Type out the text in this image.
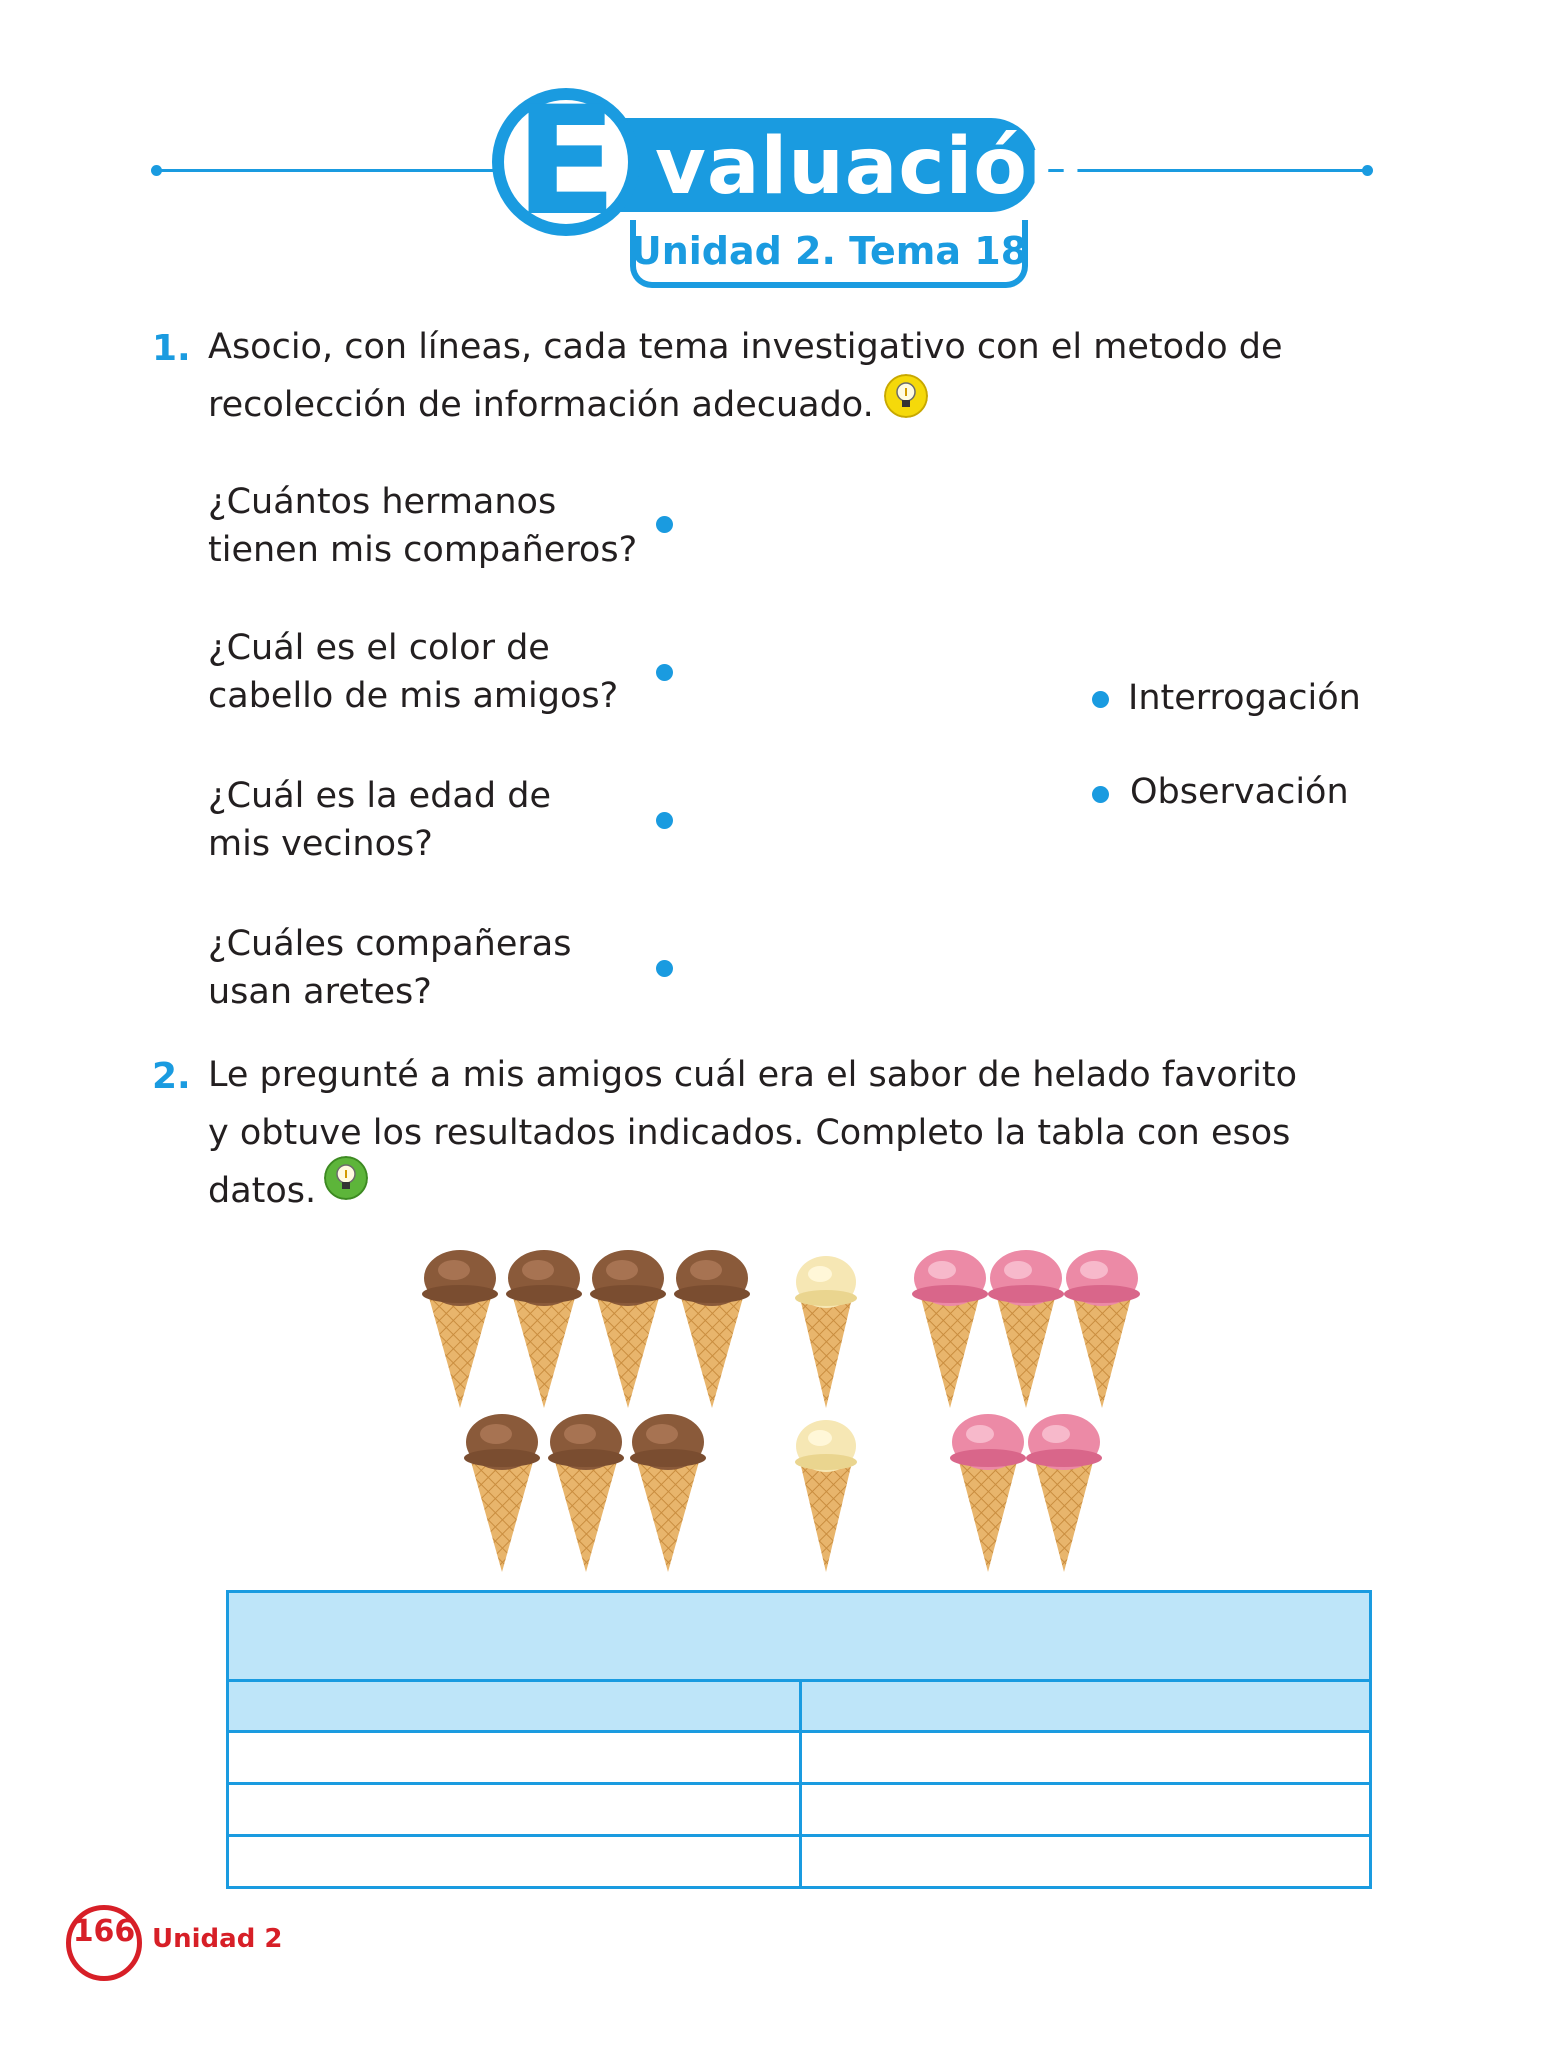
valuación
E
Unidad 2. Tema 18
1. Asocio, con líneas, cada tema investigativo con el metodo de
recolección de información adecuado.
¿Cuántos hermanos
tienen mis compañeros?
¿Cuál es el color de
cabello de mis amigos?
¿Cuál es la edad de
mis vecinos?
¿Cuáles compañeras
usan aretes?
Interrogación
Observación
2. Le pregunté a mis amigos cuál era el sabor de helado favorito
y obtuve los resultados indicados. Completo la tabla con esos
datos.

166 Unidad 2
